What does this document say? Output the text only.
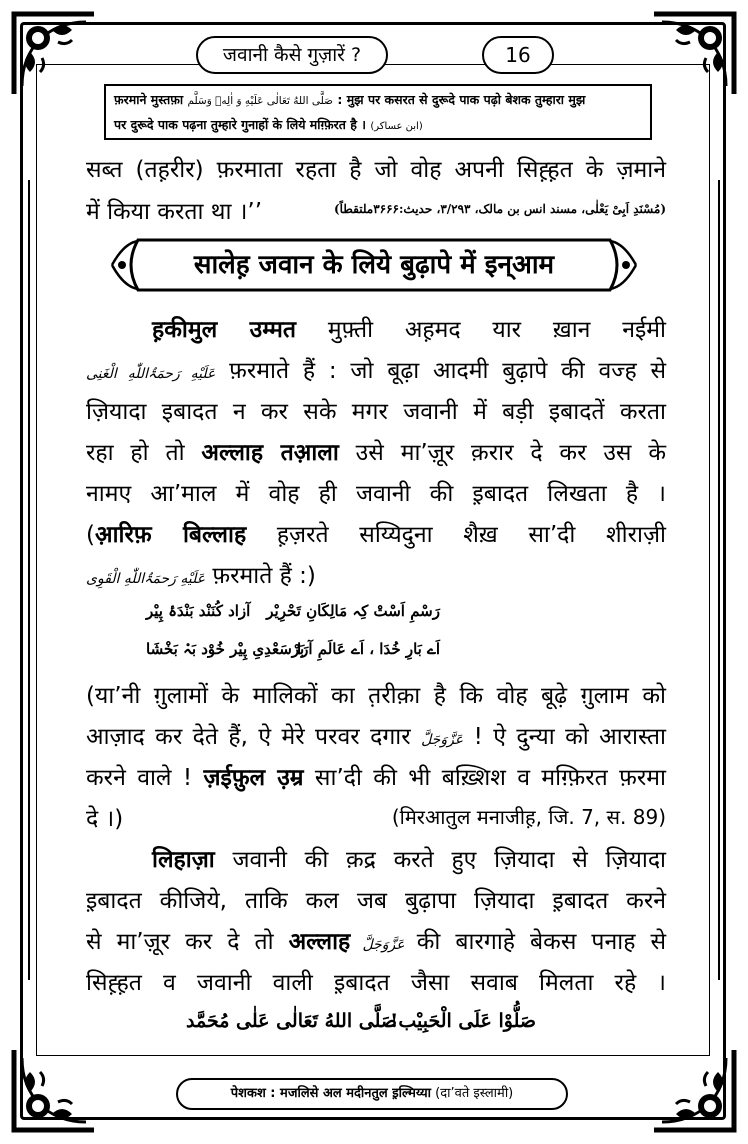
जवानी कैसे गुज़ारें ?	16
फ़रमाने मुस्तफ़ा صَلَّى اللهُ تَعَالٰى عَلَيْهِ وَ اٰلِهٖ وَسَلَّم : मुझ पर कसरत से दुरूदे पाक पढ़ो बेशक तुम्हारा मुझ
पर दुरूदे पाक पढ़ना तुम्हारे गुनाहों के लिये मग़्फ़िरत है । (ابن عساکر)
सब्त (तह़रीर) फ़रमाता रहता है जो वोह अपनी सिह़्ह़त के ज़माने
में किया करता था ।’’	(مُسْنَدِ اَبِیْ یَعْلٰی، مسند انس بن مالک، ۳/۲۹۳، حدیث:۳۶۶۶ملتقطاً)
सालेह़ जवान के लिये बुढ़ापे में इन्आम
ह़कीमुल उम्मत मुफ़्ती अह़मद यार ख़ान नईमी
عَلَیْهِ رَحمَۃُاللّٰهِ الْغَنِی फ़रमाते हैं : जो बूढ़ा आदमी बुढ़ापे की वज्ह से
ज़ियादा इबादत न कर सके मगर जवानी में बड़ी इबादतें करता
रहा हो तो अल्लाह तआ़ला उसे मा’ज़ूर क़रार दे कर उस के
नामए आ’माल में वोह ही जवानी की इ़बादत लिखता है ।
(आ़रिफ़ बिल्लाह ह़ज़रते सय्यिदुना शैख़ सा’दी शीराज़ी
عَلَیْهِ رَحمَۃُاللّٰهِ الْقَوِی फ़रमाते हैं :)
رَسْمِ اَسْتْ کِہ مَالِکَانِ تَحْرِیْر
آزاد کُنَنْد بَنْدَۂ پِیْر
اَے بَارِ خُدَا ، اَے عَالَمِ آرَا
بَرْسَعْدِیِ پِیْر خُوْد بَہْ بَخْشَا
(या’नी ग़ुलामों के मालिकों का त़रीक़ा है कि वोह बूढ़े ग़ुलाम को
आज़ाद कर देते हैं, ऐ मेरे परवर दगार عَزَّوَجَلَّ ! ऐ दुन्या को आरास्ता
करने वाले ! ज़ईफ़ुल उ़म्र सा’दी की भी बख़्शिश व मग़्फ़िरत फ़रमा
दे ।)	(मिरआतुल मनाजीह़, जि. 7, स. 89)
लिहाज़ा जवानी की क़द्र करते हुए ज़ियादा से ज़ियादा
इ़बादत कीजिये, ताकि कल जब बुढ़ापा ज़ियादा इ़बादत करने
से मा’ज़ूर कर दे तो अल्लाह عَزَّوَجَلَّ की बारगाहे बेकस पनाह से
सिह़्ह़त व जवानी वाली इ़बादत जैसा सवाब मिलता रहे ।
صَلُّوْا عَلَی الْحَبِیْب!
صَلَّی اللهُ تَعَالٰی عَلٰی مُحَمَّد
पेशकश : मजलिसे अल मदीनतुल इ़ल्मिय्या (दा’वते इस्लामी)
